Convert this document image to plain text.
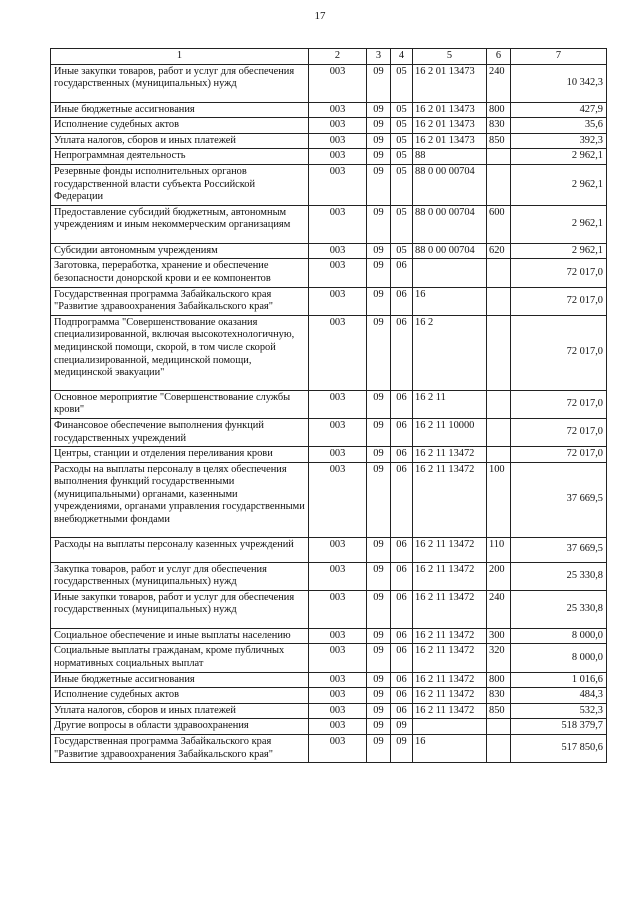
17
1	2	3	4	5	6	7
Иные закупки товаров, работ и услуг для обеспечения государственных (муниципальных) нужд	003	09	05	16 2 01 13473	240	10 342,3
Иные бюджетные ассигнования	003	09	05	16 2 01 13473	800	427,9
Исполнение судебных актов	003	09	05	16 2 01 13473	830	35,6
Уплата налогов, сборов и иных платежей	003	09	05	16 2 01 13473	850	392,3
Непрограммная деятельность	003	09	05	88		2 962,1
Резервные фонды исполнительных органов государственной власти субъекта Российской Федерации	003	09	05	88 0 00 00704		2 962,1
Предоставление субсидий бюджетным, автономным учреждениям и иным некоммерческим организациям	003	09	05	88 0 00 00704	600	2 962,1
Субсидии автономным учреждениям	003	09	05	88 0 00 00704	620	2 962,1
Заготовка, переработка, хранение и обеспечение безопасности донорской крови и ее компонентов	003	09	06			72 017,0
Государственная программа Забайкальского края "Развитие здравоохранения Забайкальского края"	003	09	06	16		72 017,0
Подпрограмма "Совершенствование оказания специализированной, включая высокотехнологичную, медицинской помощи, скорой, в том числе скорой специализированной, медицинской помощи, медицинской эвакуации"	003	09	06	16 2		72 017,0
Основное мероприятие "Совершенствование службы крови"	003	09	06	16 2 11		72 017,0
Финансовое обеспечение выполнения функций государственных учреждений	003	09	06	16 2 11 10000		72 017,0
Центры, станции и отделения переливания крови	003	09	06	16 2 11 13472		72 017,0
Расходы на выплаты персоналу в целях обеспечения выполнения функций государственными (муниципальными) органами, казенными учреждениями, органами управления государственными внебюджетными фондами	003	09	06	16 2 11 13472	100	37 669,5
Расходы на выплаты персоналу казенных учреждений	003	09	06	16 2 11 13472	110	37 669,5
Закупка товаров, работ и услуг для обеспечения государственных (муниципальных) нужд	003	09	06	16 2 11 13472	200	25 330,8
Иные закупки товаров, работ и услуг для обеспечения государственных (муниципальных) нужд	003	09	06	16 2 11 13472	240	25 330,8
Социальное обеспечение и иные выплаты населению	003	09	06	16 2 11 13472	300	8 000,0
Социальные выплаты гражданам, кроме публичных нормативных социальных выплат	003	09	06	16 2 11 13472	320	8 000,0
Иные бюджетные ассигнования	003	09	06	16 2 11 13472	800	1 016,6
Исполнение судебных актов	003	09	06	16 2 11 13472	830	484,3
Уплата налогов, сборов и иных платежей	003	09	06	16 2 11 13472	850	532,3
Другие вопросы в области здравоохранения	003	09	09			518 379,7
Государственная программа Забайкальского края "Развитие здравоохранения Забайкальского края"	003	09	09	16		517 850,6
